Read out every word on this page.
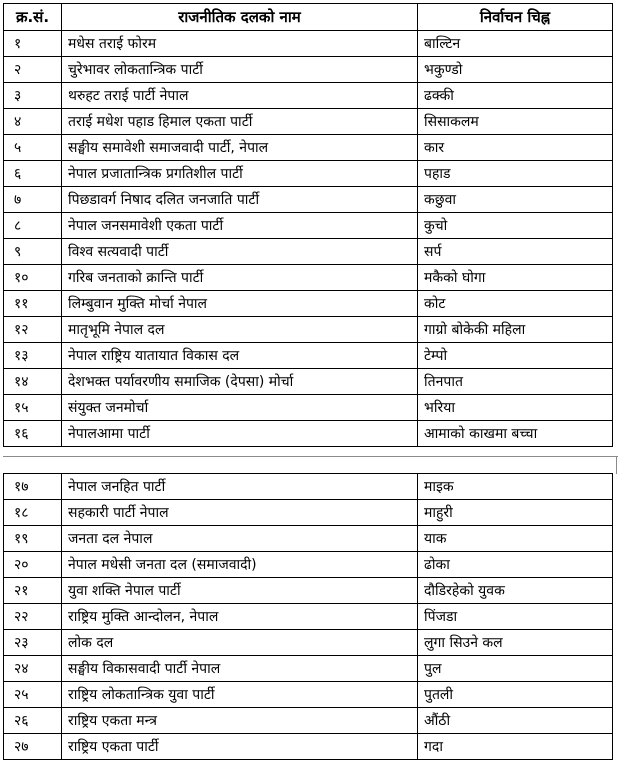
क्र.सं.	राजनीतिक दलको नाम	निर्वाचन चिह्न
१	मधेस तराई फोरम	बाल्टिन
२	चुरेभावर लोकतान्त्रिक पार्टी	भकुण्डो
३	थरुहट तराई पार्टी नेपाल	ढक्की
४	तराई मधेश पहाड हिमाल एकता पार्टी	सिसाकलम
५	सङ्घीय समावेशी समाजवादी पार्टी, नेपाल	कार
६	नेपाल प्रजातान्त्रिक प्रगतिशील पार्टी	पहाड
७	पिछडावर्ग निषाद दलित जनजाति पार्टी	कछुवा
८	नेपाल जनसमावेशी एकता पार्टी	कुचो
९	विश्व सत्यवादी पार्टी	सर्प
१०	गरिब जनताको क्रान्ति पार्टी	मकैको घोगा
११	लिम्बुवान मुक्ति मोर्चा नेपाल	कोट
१२	मातृभूमि नेपाल दल	गाग्रो बोकेकी महिला
१३	नेपाल राष्ट्रिय यातायात विकास दल	टेम्पो
१४	देशभक्त पर्यावरणीय समाजिक (देपसा) मोर्चा	तिनपात
१५	संयुक्त जनमोर्चा	भरिया
१६	नेपालआमा पार्टी	आमाको काखमा बच्चा
१७	नेपाल जनहित पार्टी	माइक
१८	सहकारी पार्टी नेपाल	माहुरी
१९	जनता दल नेपाल	याक
२०	नेपाल मधेसी जनता दल (समाजवादी)	ढोका
२१	युवा शक्ति नेपाल पार्टी	दौडिरहेको युवक
२२	राष्ट्रिय मुक्ति आन्दोलन, नेपाल	पिंजडा
२३	लोक दल	लुगा सिउने कल
२४	सङ्घीय विकासवादी पार्टी नेपाल	पुल
२५	राष्ट्रिय लोकतान्त्रिक युवा पार्टी	पुतली
२६	राष्ट्रिय एकता मन्त्र	औंठी
२७	राष्ट्रिय एकता पार्टी	गदा
